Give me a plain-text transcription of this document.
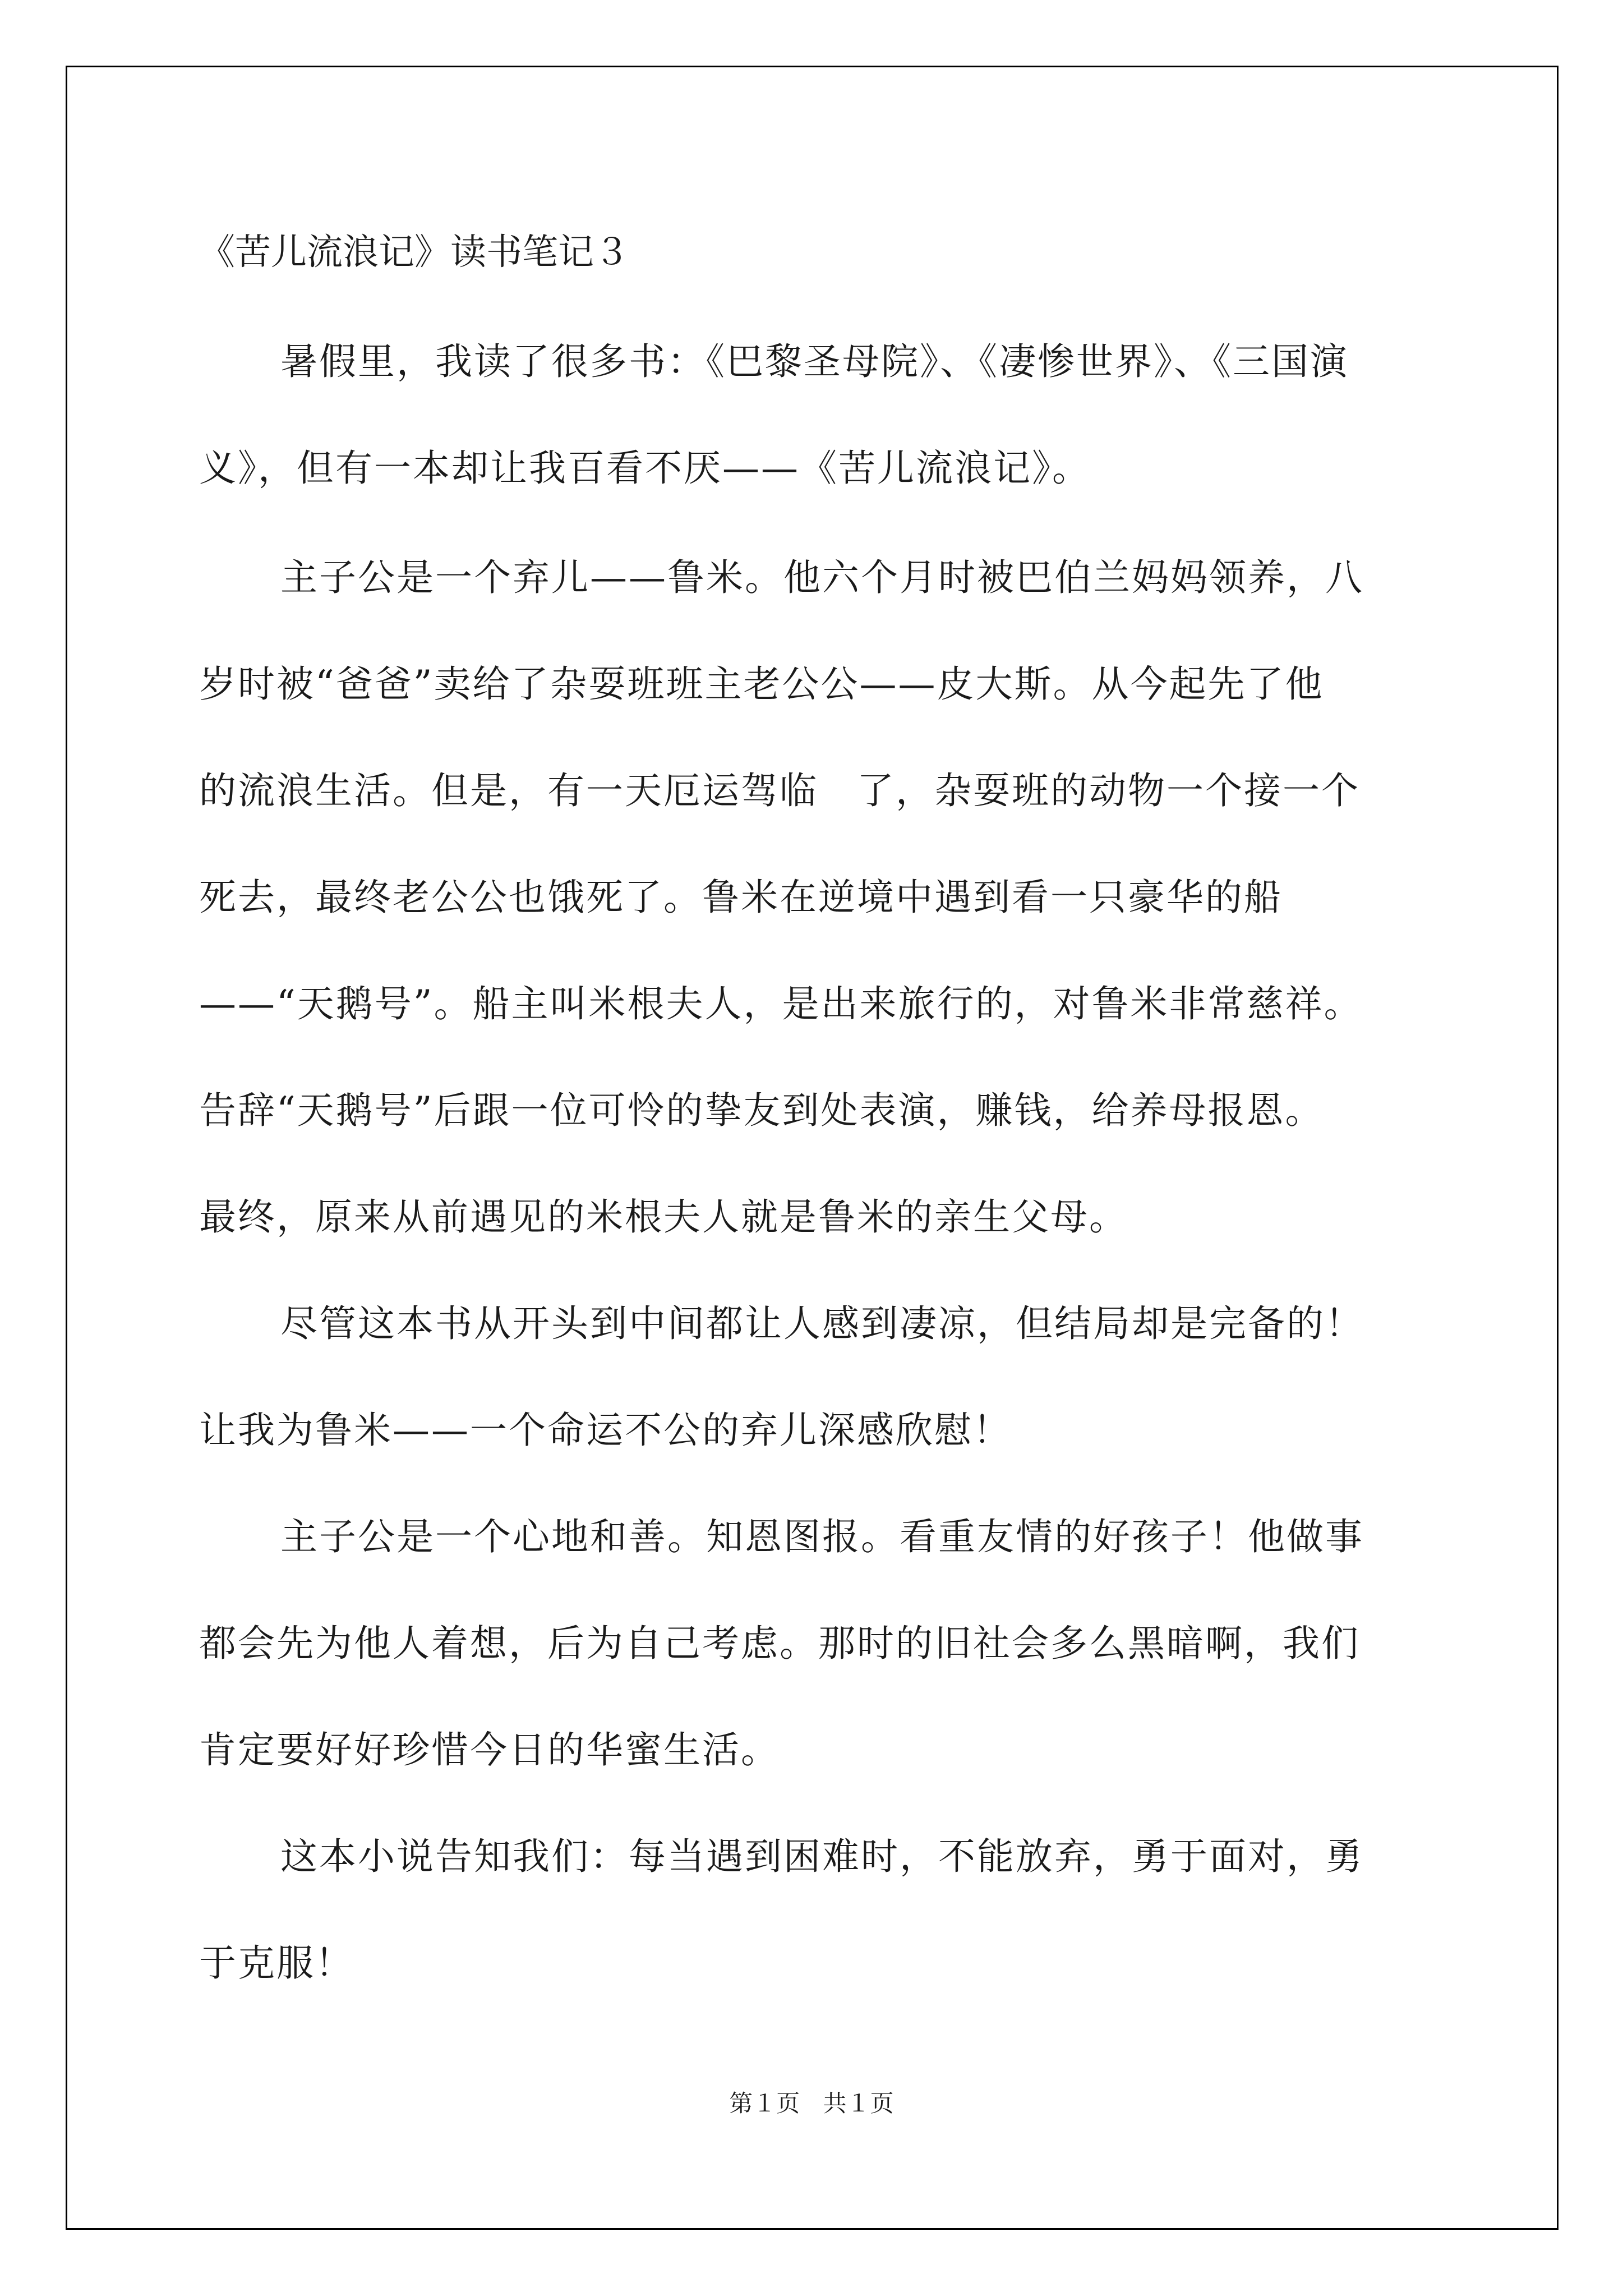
《苦儿流浪记》读书笔记３
暑假里，我读了很多书：《巴黎圣母院》、《凄惨世界》、《三国演
义》，但有一本却让我百看不厌——《苦儿流浪记》。
主子公是一个弃儿——鲁米。他六个月时被巴伯兰妈妈领养，八
岁时被“爸爸”卖给了杂耍班班主老公公——皮大斯。从今起先了他
的流浪生活。但是，有一天厄运驾临　了，杂耍班的动物一个接一个
死去，最终老公公也饿死了。鲁米在逆境中遇到看一只豪华的船
——“天鹅号”。船主叫米根夫人，是出来旅行的，对鲁米非常慈祥。
告辞“天鹅号”后跟一位可怜的挚友到处表演，赚钱，给养母报恩。
最终，原来从前遇见的米根夫人就是鲁米的亲生父母。
尽管这本书从开头到中间都让人感到凄凉，但结局却是完备的！
让我为鲁米——一个命运不公的弃儿深感欣慰！
主子公是一个心地和善。知恩图报。看重友情的好孩子！他做事
都会先为他人着想，后为自己考虑。那时的旧社会多么黑暗啊，我们
肯定要好好珍惜今日的华蜜生活。
这本小说告知我们：每当遇到困难时，不能放弃，勇于面对，勇
于克服！
第１页 共１页
